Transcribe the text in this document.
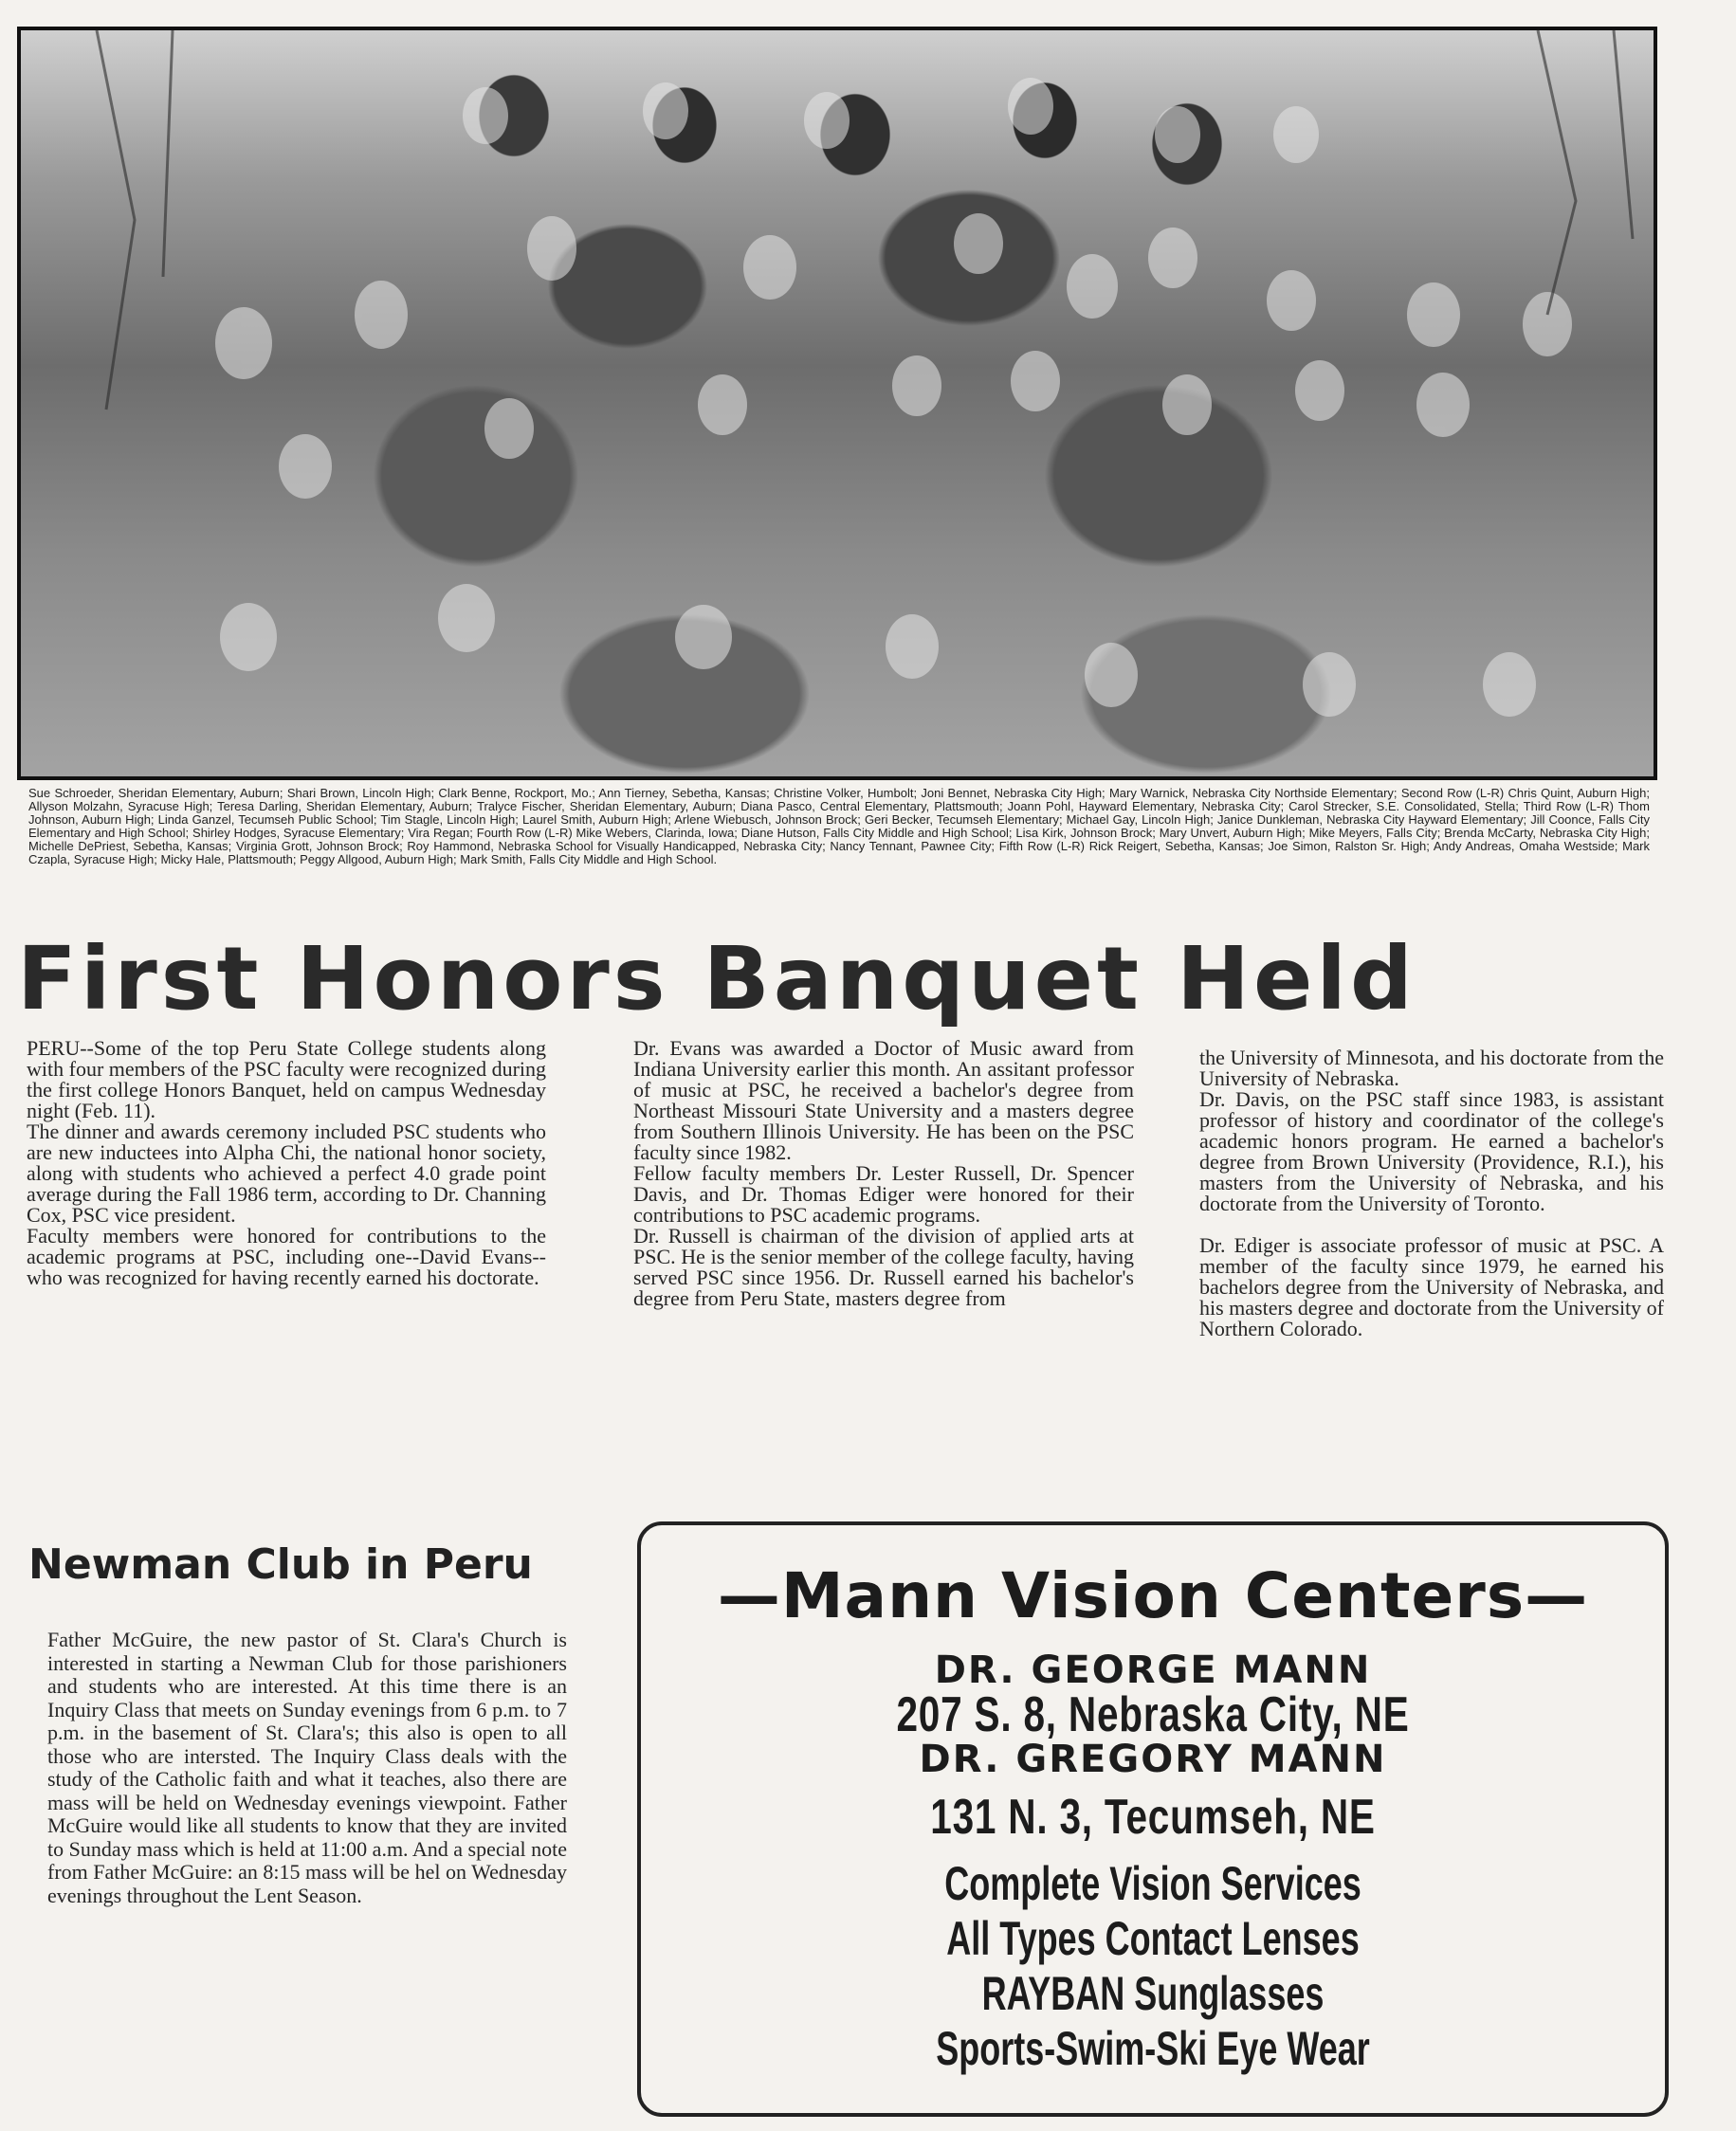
Sue Schroeder, Sheridan Elementary, Auburn; Shari Brown, Lincoln High; Clark Benne, Rockport, Mo.; Ann Tierney, Sebetha, Kansas; Christine Volker, Humbolt; Joni Bennet, Nebraska City High; Mary Warnick, Nebraska City Northside Elementary; Second Row (L-R) Chris Quint, Auburn High; Allyson Molzahn, Syracuse High; Teresa Darling, Sheridan Elementary, Auburn; Tralyce Fischer, Sheridan Elementary, Auburn; Diana Pasco, Central Elementary, Plattsmouth; Joann Pohl, Hayward Elementary, Nebraska City; Carol Strecker, S.E. Consolidated, Stella; Third Row (L-R) Thom Johnson, Auburn High; Linda Ganzel, Tecumseh Public School; Tim Stagle, Lincoln High; Laurel Smith, Auburn High; Arlene Wiebusch, Johnson Brock; Geri Becker, Tecumseh Elementary; Michael Gay, Lincoln High; Janice Dunkleman, Nebraska City Hayward Elementary; Jill Coonce, Falls City Elementary and High School; Shirley Hodges, Syracuse Elementary; Vira Regan; Fourth Row (L-R) Mike Webers, Clarinda, Iowa; Diane Hutson, Falls City Middle and High School; Lisa Kirk, Johnson Brock; Mary Unvert, Auburn High; Mike Meyers, Falls City; Brenda McCarty, Nebraska City High; Michelle DePriest, Sebetha, Kansas; Virginia Grott, Johnson Brock; Roy Hammond, Nebraska School for Visually Handicapped, Nebraska City; Nancy Tennant, Pawnee City; Fifth Row (L-R) Rick Reigert, Sebetha, Kansas; Joe Simon, Ralston Sr. High; Andy Andreas, Omaha Westside; Mark Czapla, Syracuse High; Micky Hale, Plattsmouth; Peggy Allgood, Auburn High; Mark Smith, Falls City Middle and High School.
First Honors Banquet Held

PERU--Some of the top Peru State College students along with four members of the PSC faculty were recognized during the first college Honors Banquet, held on campus Wednesday night (Feb. 11).

The dinner and awards ceremony included PSC students who are new inductees into Alpha Chi, the national honor society, along with students who achieved a perfect 4.0 grade point average during the Fall 1986 term, according to Dr. Channing Cox, PSC vice president.

Faculty members were honored for contributions to the academic programs at PSC, including one--David Evans--who was recognized for having recently earned his doctorate.

Dr. Evans was awarded a Doctor of Music award from Indiana University earlier this month. An assitant professor of music at PSC, he received a bachelor's degree from Northeast Missouri State University and a masters degree from Southern Illinois University. He has been on the PSC faculty since 1982.

Fellow faculty members Dr. Lester Russell, Dr. Spencer Davis, and Dr. Thomas Ediger were honored for their contributions to PSC academic programs.

Dr. Russell is chairman of the division of applied arts at PSC. He is the senior member of the college faculty, having served PSC since 1956. Dr. Russell earned his bachelor's degree from Peru State, masters degree from

the University of Minnesota, and his doctorate from the University of Nebraska.

Dr. Davis, on the PSC staff since 1983, is assistant professor of history and coordinator of the college's academic honors program. He earned a bachelor's degree from Brown University (Providence, R.I.), his masters from the University of Nebraska, and his doctorate from the University of Toronto.

Dr. Ediger is associate professor of music at PSC. A member of the faculty since 1979, he earned his bachelors degree from the University of Nebraska, and his masters degree and doctorate from the University of Northern Colorado.

Newman Club in Peru
Father McGuire, the new pastor of St. Clara's Church is interested in starting a Newman Club for those parishioners and students who are interested. At this time there is an Inquiry Class that meets on Sunday evenings from 6 p.m. to 7 p.m. in the basement of St. Clara's; this also is open to all those who are intersted. The Inquiry Class deals with the study of the Catholic faith and what it teaches, also there are mass will be held on Wednesday evenings viewpoint. Father McGuire would like all students to know that they are invited to Sunday mass which is held at 11:00 a.m. And a special note from Father McGuire: an 8:15 mass will be hel on Wednesday evenings throughout the Lent Season.
—Mann Vision Centers—
DR. GEORGE MANN
207 S. 8, Nebraska City, NE
DR. GREGORY MANN
131 N. 3, Tecumseh, NE
Complete Vision Services
All Types Contact Lenses
RAYBAN Sunglasses
Sports-Swim-Ski Eye Wear
